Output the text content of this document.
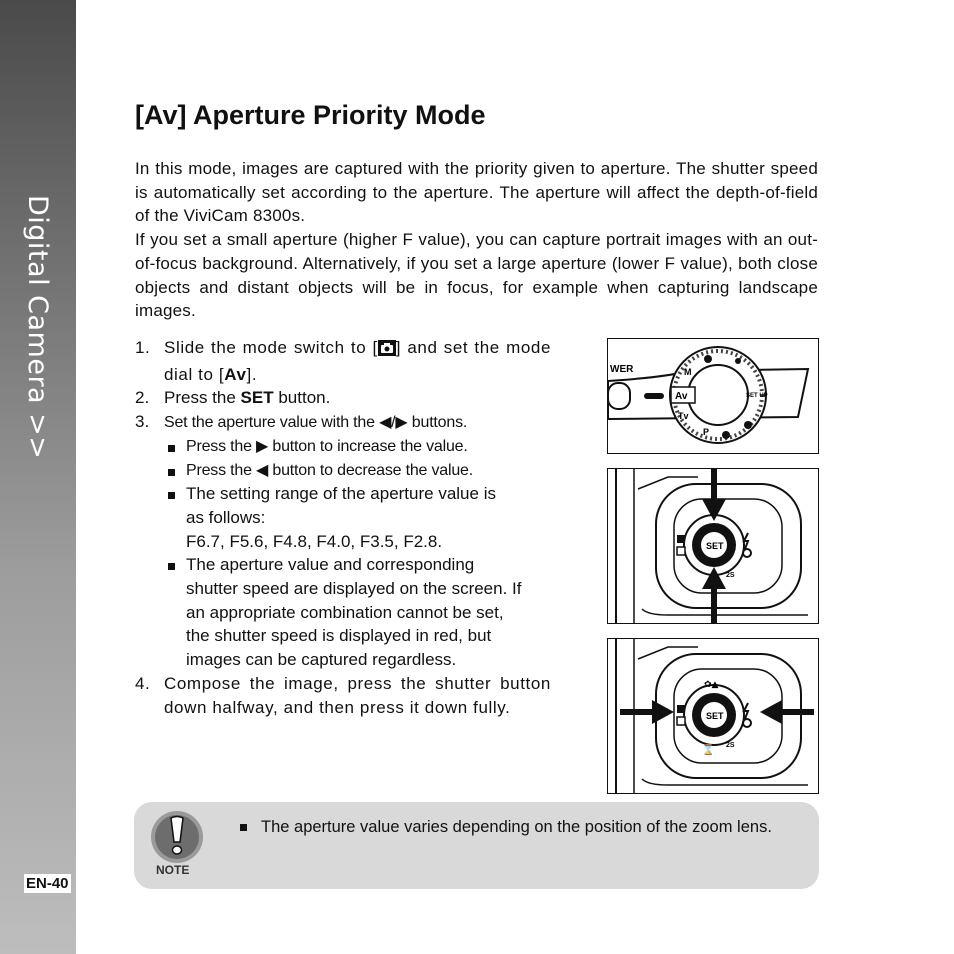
Digital Camera >>
EN-40
[Av] Aperture Priority Mode

In this mode, images are captured with the priority given to aperture. The shutter speed is automatically set according to the aperture. The aperture will affect the depth-of-field of the ViviCam 8300s.

If you set a small aperture (higher F value), you can capture portrait images with an out-of-focus background. Alternatively, if you set a large aperture (lower F value), both close objects and distant objects will be in focus, for example when capturing landscape images.

1. Slide the mode switch to [ ] and set the mode dial to [Av].
2. Press the SET button.
3. Set the aperture value with the ◀/▶ buttons.
Press the ▶ button to increase the value.
Press the ◀ button to decrease the value.
The setting range of the aperture value is as follows:
F6.7, F5.6, F4.8, F4.0, F3.5, F2.8.
The aperture value and corresponding shutter speed are displayed on the screen. If an appropriate combination cannot be set, the shutter speed is displayed in red, but images can be captured regardless.
4. Compose the image, press the shutter button down halfway, and then press it down fully.
WER
Av
M
Tv
P
SET UP
SET
2S
SET
✿▲
⌛ 2S
NOTE
The aperture value varies depending on the position of the zoom lens.
